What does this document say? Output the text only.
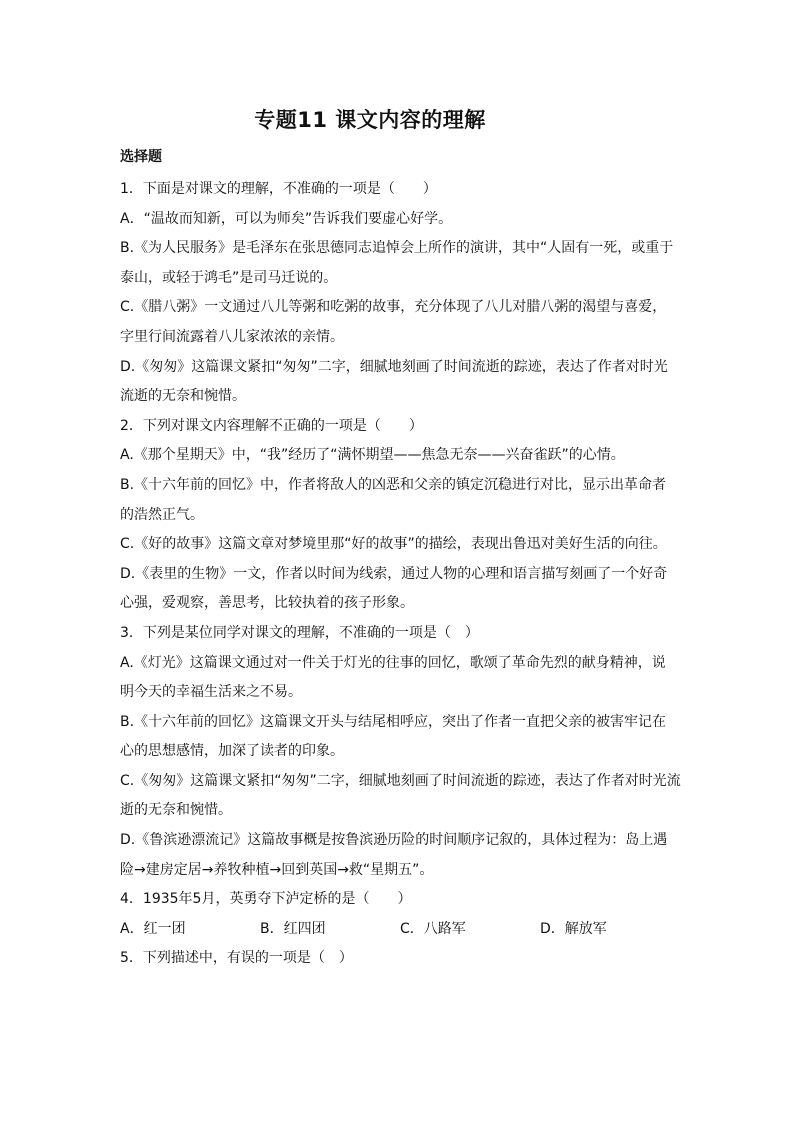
专题11 课文内容的理解
选择题
1．下面是对课文的理解，不准确的一项是（　　）
A．“温故而知新，可以为师矣”告诉我们要虚心好学。
B.《为人民服务》是毛泽东在张思德同志追悼会上所作的演讲，其中“人固有一死，或重于
泰山，或轻于鸿毛”是司马迁说的。
C.《腊八粥》一文通过八儿等粥和吃粥的故事，充分体现了八儿对腊八粥的渴望与喜爱，
字里行间流露着八儿家浓浓的亲情。
D.《匆匆》这篇课文紧扣“匆匆”二字，细腻地刻画了时间流逝的踪迹，表达了作者对时光
流逝的无奈和惋惜。
2．下列对课文内容理解不正确的一项是（　　）
A.《那个星期天》中，“我”经历了“满怀期望——焦急无奈——兴奋雀跃”的心情。
B.《十六年前的回忆》中，作者将敌人的凶恶和父亲的镇定沉稳进行对比，显示出革命者
的浩然正气。
C.《好的故事》这篇文章对梦境里那“好的故事”的描绘，表现出鲁迅对美好生活的向往。
D.《表里的生物》一文，作者以时间为线索，通过人物的心理和语言描写刻画了一个好奇
心强，爱观察，善思考，比较执着的孩子形象。
3．下列是某位同学对课文的理解，不准确的一项是（　）
A.《灯光》这篇课文通过对一件关于灯光的往事的回忆，歌颂了革命先烈的献身精神，说
明今天的幸福生活来之不易。
B.《十六年前的回忆》这篇课文开头与结尾相呼应，突出了作者一直把父亲的被害牢记在
心的思想感情，加深了读者的印象。
C.《匆匆》这篇课文紧扣“匆匆”二字，细腻地刻画了时间流逝的踪迹，表达了作者对时光流
逝的无奈和惋惜。
D.《鲁滨逊漂流记》这篇故事概是按鲁滨逊历险的时间顺序记叙的，具体过程为：岛上遇
险→建房定居→养牧种植→回到英国→救“星期五”。
4．1935年5月，英勇夺下泸定桥的是（　　）
A．红一团	B．红四团	C．八路军	D．解放军
5．下列描述中，有误的一项是（　）
